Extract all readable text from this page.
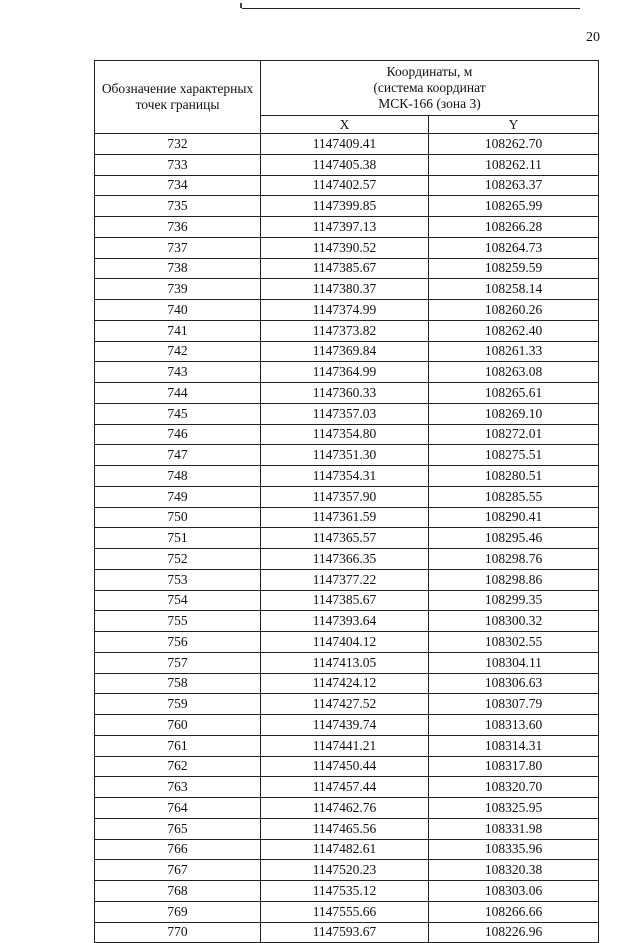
20
Обозначение характерных точек границы	Координаты, м
(система координат
МСК-166 (зона 3)	

	X	Y
732	1147409.41	108262.70
733	1147405.38	108262.11
734	1147402.57	108263.37
735	1147399.85	108265.99
736	1147397.13	108266.28
737	1147390.52	108264.73
738	1147385.67	108259.59
739	1147380.37	108258.14
740	1147374.99	108260.26
741	1147373.82	108262.40
742	1147369.84	108261.33
743	1147364.99	108263.08
744	1147360.33	108265.61
745	1147357.03	108269.10
746	1147354.80	108272.01
747	1147351.30	108275.51
748	1147354.31	108280.51
749	1147357.90	108285.55
750	1147361.59	108290.41
751	1147365.57	108295.46
752	1147366.35	108298.76
753	1147377.22	108298.86
754	1147385.67	108299.35
755	1147393.64	108300.32
756	1147404.12	108302.55
757	1147413.05	108304.11
758	1147424.12	108306.63
759	1147427.52	108307.79
760	1147439.74	108313.60
761	1147441.21	108314.31
762	1147450.44	108317.80
763	1147457.44	108320.70
764	1147462.76	108325.95
765	1147465.56	108331.98
766	1147482.61	108335.96
767	1147520.23	108320.38
768	1147535.12	108303.06
769	1147555.66	108266.66
770	1147593.67	108226.96
